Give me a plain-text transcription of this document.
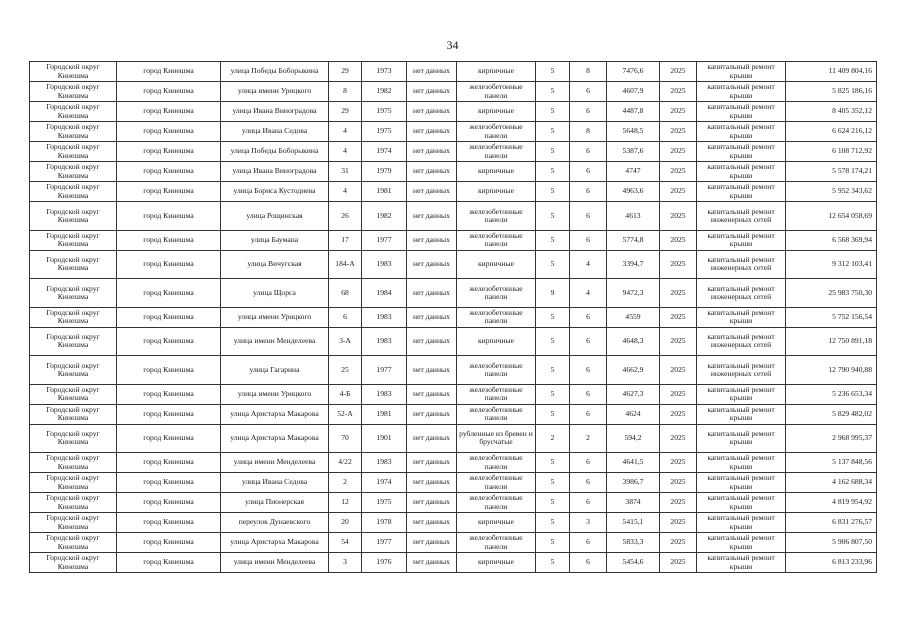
34
Городской округ Кинешма	город Кинешма	улица Победы Боборыкина	29	1973	нет данных	кирпичные	5	8	7476,6	2025	капитальный ремонт крыши	11 409 804,16
Городской округ Кинешма	город Кинешма	улица имени Урицкого	8	1982	нет данных	железобетонные панели	5	6	4607,9	2025	капитальный ремонт крыши	5 825 186,16
Городской округ Кинешма	город Кинешма	улица Ивана Виноградова	29	1975	нет данных	кирпичные	5	6	4487,8	2025	капитальный ремонт крыши	8 405 352,12
Городской округ Кинешма	город Кинешма	улица Ивана Седова	4	1975	нет данных	железобетонные панели	5	8	5648,5	2025	капитальный ремонт крыши	6 624 216,12
Городской округ Кинешма	город Кинешма	улица Победы Боборыкина	4	1974	нет данных	железобетонные панели	5	6	5387,6	2025	капитальный ремонт крыши	6 108 712,92
Городской округ Кинешма	город Кинешма	улица Ивана Виноградова	31	1979	нет данных	кирпичные	5	6	4747	2025	капитальный ремонт крыши	5 578 174,21
Городской округ Кинешма	город Кинешма	улица Бориса Кустодиева	4	1981	нет данных	кирпичные	5	6	4963,6	2025	капитальный ремонт крыши	5 952 343,62
Городской округ Кинешма	город Кинешма	улица Рощинская	26	1982	нет данных	железобетонные панели	5	6	4613	2025	капитальный ремонт инженерных сетей	12 654 058,69
Городской округ Кинешма	город Кинешма	улица Баумана	17	1977	нет данных	железобетонные панели	5	6	5774,8	2025	капитальный ремонт крыши	6 568 369,94
Городской округ Кинешма	город Кинешма	улица Вичугская	184-А	1983	нет данных	кирпичные	5	4	3394,7	2025	капитальный ремонт инженерных сетей	9 312 103,41
Городской округ Кинешма	город Кинешма	улица Щорса	68	1984	нет данных	железобетонные панели	9	4	9472,3	2025	капитальный ремонт инженерных сетей	25 983 750,30
Городской округ Кинешма	город Кинешма	улица имени Урицкого	6	1983	нет данных	железобетонные панели	5	6	4559	2025	капитальный ремонт крыши	5 752 156,54
Городской округ Кинешма	город Кинешма	улица имени Менделеева	3-А	1983	нет данных	кирпичные	5	6	4648,3	2025	капитальный ремонт инженерных сетей	12 750 891,18
Городской округ Кинешма	город Кинешма	улица Гагарина	25	1977	нет данных	железобетонные панели	5	6	4662,9	2025	капитальный ремонт инженерных сетей	12 790 940,88
Городской округ Кинешма	город Кинешма	улица имени Урицкого	4-Б	1983	нет данных	железобетонные панели	5	6	4627,3	2025	капитальный ремонт крыши	5 236 653,34
Городской округ Кинешма	город Кинешма	улица Аристарха Макарова	52-А	1981	нет данных	железобетонные панели	5	6	4624	2025	капитальный ремонт крыши	5 829 482,02
Городской округ Кинешма	город Кинешма	улица Аристарха Макарова	70	1901	нет данных	рубленные из бревен и брусчатые	2	2	594,2	2025	капитальный ремонт крыши	2 968 995,37
Городской округ Кинешма	город Кинешма	улица имени Менделеева	4/22	1983	нет данных	железобетонные панели	5	6	4641,5	2025	капитальный ремонт крыши	5 137 848,56
Городской округ Кинешма	город Кинешма	улица Ивана Седова	2	1974	нет данных	железобетонные панели	5	6	3986,7	2025	капитальный ремонт крыши	4 162 688,34
Городской округ Кинешма	город Кинешма	улица Пионерская	12	1975	нет данных	железобетонные панели	5	6	3874	2025	капитальный ремонт крыши	4 819 954,92
Городской округ Кинешма	город Кинешма	переулок Дунаевского	20	1978	нет данных	кирпичные	5	3	5415,1	2025	капитальный ремонт крыши	6 831 276,57
Городской округ Кинешма	город Кинешма	улица Аристарха Макарова	54	1977	нет данных	железобетонные панели	5	6	5833,3	2025	капитальный ремонт крыши	5 906 807,50
Городской округ Кинешма	город Кинешма	улица имени Менделеева	3	1976	нет данных	кирпичные	5	6	5454,6	2025	капитальный ремонт крыши	6 813 233,96
